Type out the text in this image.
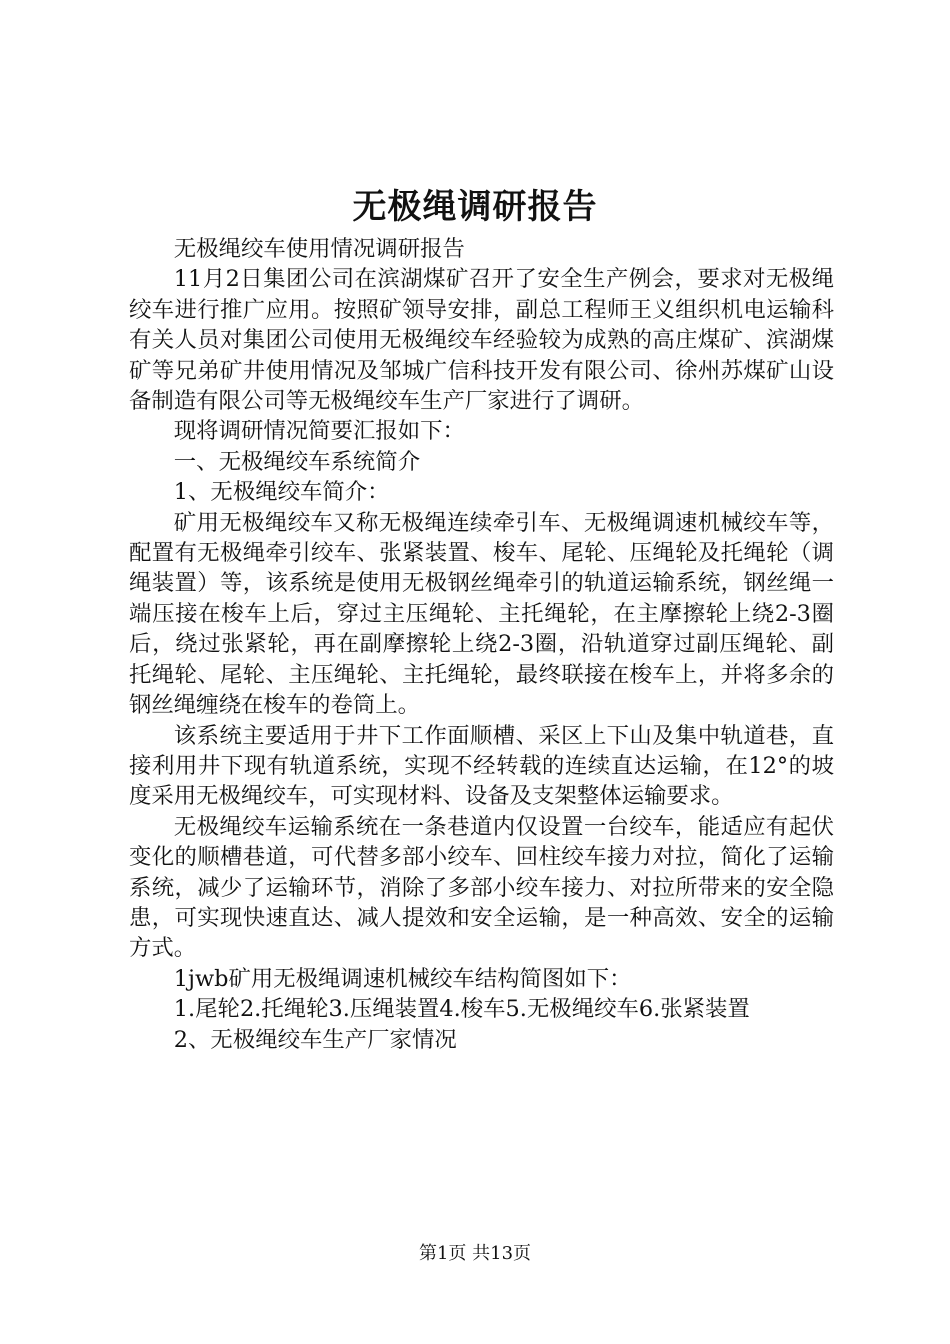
无极绳调研报告

无极绳绞车使用情况调研报告

11月2日集团公司在滨湖煤矿召开了安全生产例会，要求对无极绳绞车进行推广应用。按照矿领导安排，副总工程师王义组织机电运输科有关人员对集团公司使用无极绳绞车经验较为成熟的高庄煤矿、滨湖煤矿等兄弟矿井使用情况及邹城广信科技开发有限公司、徐州苏煤矿山设备制造有限公司等无极绳绞车生产厂家进行了调研。

现将调研情况简要汇报如下：

一、无极绳绞车系统简介

1、无极绳绞车简介：

矿用无极绳绞车又称无极绳连续牵引车、无极绳调速机械绞车等，配置有无极绳牵引绞车、张紧装置、梭车、尾轮、压绳轮及托绳轮（调绳装置）等，该系统是使用无极钢丝绳牵引的轨道运输系统，钢丝绳一端压接在梭车上后，穿过主压绳轮、主托绳轮，在主摩擦轮上绕2-3圈后，绕过张紧轮，再在副摩擦轮上绕2-3圈，沿轨道穿过副压绳轮、副托绳轮、尾轮、主压绳轮、主托绳轮，最终联接在梭车上，并将多余的钢丝绳缠绕在梭车的卷筒上。

该系统主要适用于井下工作面顺槽、采区上下山及集中轨道巷，直接利用井下现有轨道系统，实现不经转载的连续直达运输，在12°的坡度采用无极绳绞车，可实现材料、设备及支架整体运输要求。

无极绳绞车运输系统在一条巷道内仅设置一台绞车，能适应有起伏变化的顺槽巷道，可代替多部小绞车、回柱绞车接力对拉，简化了运输系统，减少了运输环节，消除了多部小绞车接力、对拉所带来的安全隐患，可实现快速直达、减人提效和安全运输，是一种高效、安全的运输方式。

1jwb矿用无极绳调速机械绞车结构简图如下：

1.尾轮2.托绳轮3.压绳装置4.梭车5.无极绳绞车6.张紧装置

2、无极绳绞车生产厂家情况

第1页 共13页
